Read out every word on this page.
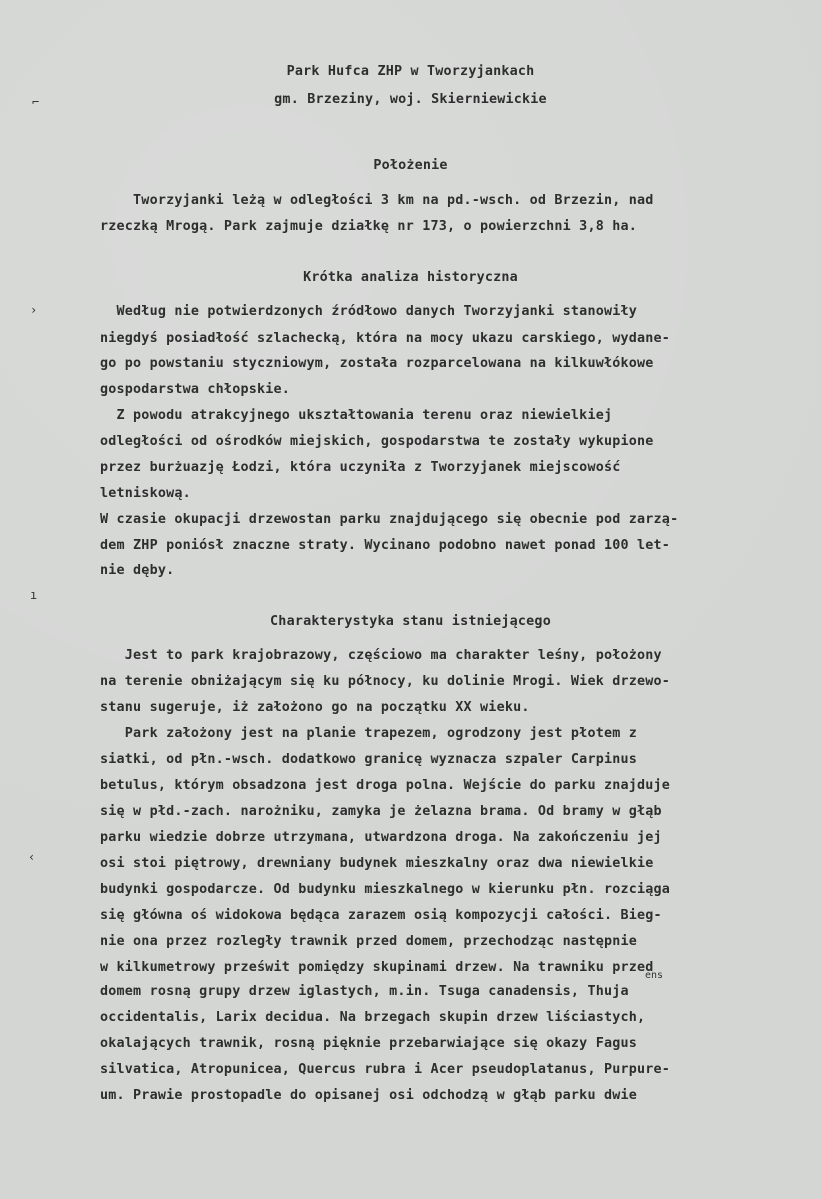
Park Hufca ZHP w Tworzyjankach
gm. Brzeziny, woj. Skierniewickie
Położenie
Tworzyjanki leżą w odległości 3 km na pd.-wsch. od Brzezin, nad
rzeczką Mrogą. Park zajmuje działkę nr 173, o powierzchni 3,8 ha.
Krótka analiza historyczna
Według nie potwierdzonych źródłowo danych Tworzyjanki stanowiły
niegdyś posiadłość szlachecką, która na mocy ukazu carskiego, wydane-
go po powstaniu styczniowym, została rozparcelowana na kilkuwłókowe
gospodarstwa chłopskie.
Z powodu atrakcyjnego ukształtowania terenu oraz niewielkiej
odległości od ośrodków miejskich, gospodarstwa te zostały wykupione
przez burżuazję Łodzi, która uczyniła z Tworzyjanek miejscowość
letniskową.
W czasie okupacji drzewostan parku znajdującego się obecnie pod zarzą-
dem ZHP poniósł znaczne straty. Wycinano podobno nawet ponad 100 let-
nie dęby.
Charakterystyka stanu istniejącego
Jest to park krajobrazowy, częściowo ma charakter leśny, położony
na terenie obniżającym się ku północy, ku dolinie Mrogi. Wiek drzewo-
stanu sugeruje, iż założono go na początku XX wieku.
Park założony jest na planie trapezem, ogrodzony jest płotem z
siatki, od płn.-wsch. dodatkowo granicę wyznacza szpaler Carpinus
betulus, którym obsadzona jest droga polna. Wejście do parku znajduje
się w płd.-zach. narożniku, zamyka je żelazna brama. Od bramy w głąb
parku wiedzie dobrze utrzymana, utwardzona droga. Na zakończeniu jej
osi stoi piętrowy, drewniany budynek mieszkalny oraz dwa niewielkie
budynki gospodarcze. Od budynku mieszkalnego w kierunku płn. rozciąga
się główna oś widokowa będąca zarazem osią kompozycji całości. Bieg-
nie ona przez rozległy trawnik przed domem, przechodząc następnie
w kilkumetrowy prześwit pomiędzy skupinami drzew. Na trawniku przed
ens
domem rosną grupy drzew iglastych, m.in. Tsuga canadensis, Thuja
occidentalis, Larix decidua. Na brzegach skupin drzew liściastych,
okalających trawnik, rosną pięknie przebarwiające się okazy Fagus
silvatica, Atropunicea, Quercus rubra i Acer pseudoplatanus, Purpure-
um. Prawie prostopadle do opisanej osi odchodzą w głąb parku dwie
⌐
›
ı
‹
